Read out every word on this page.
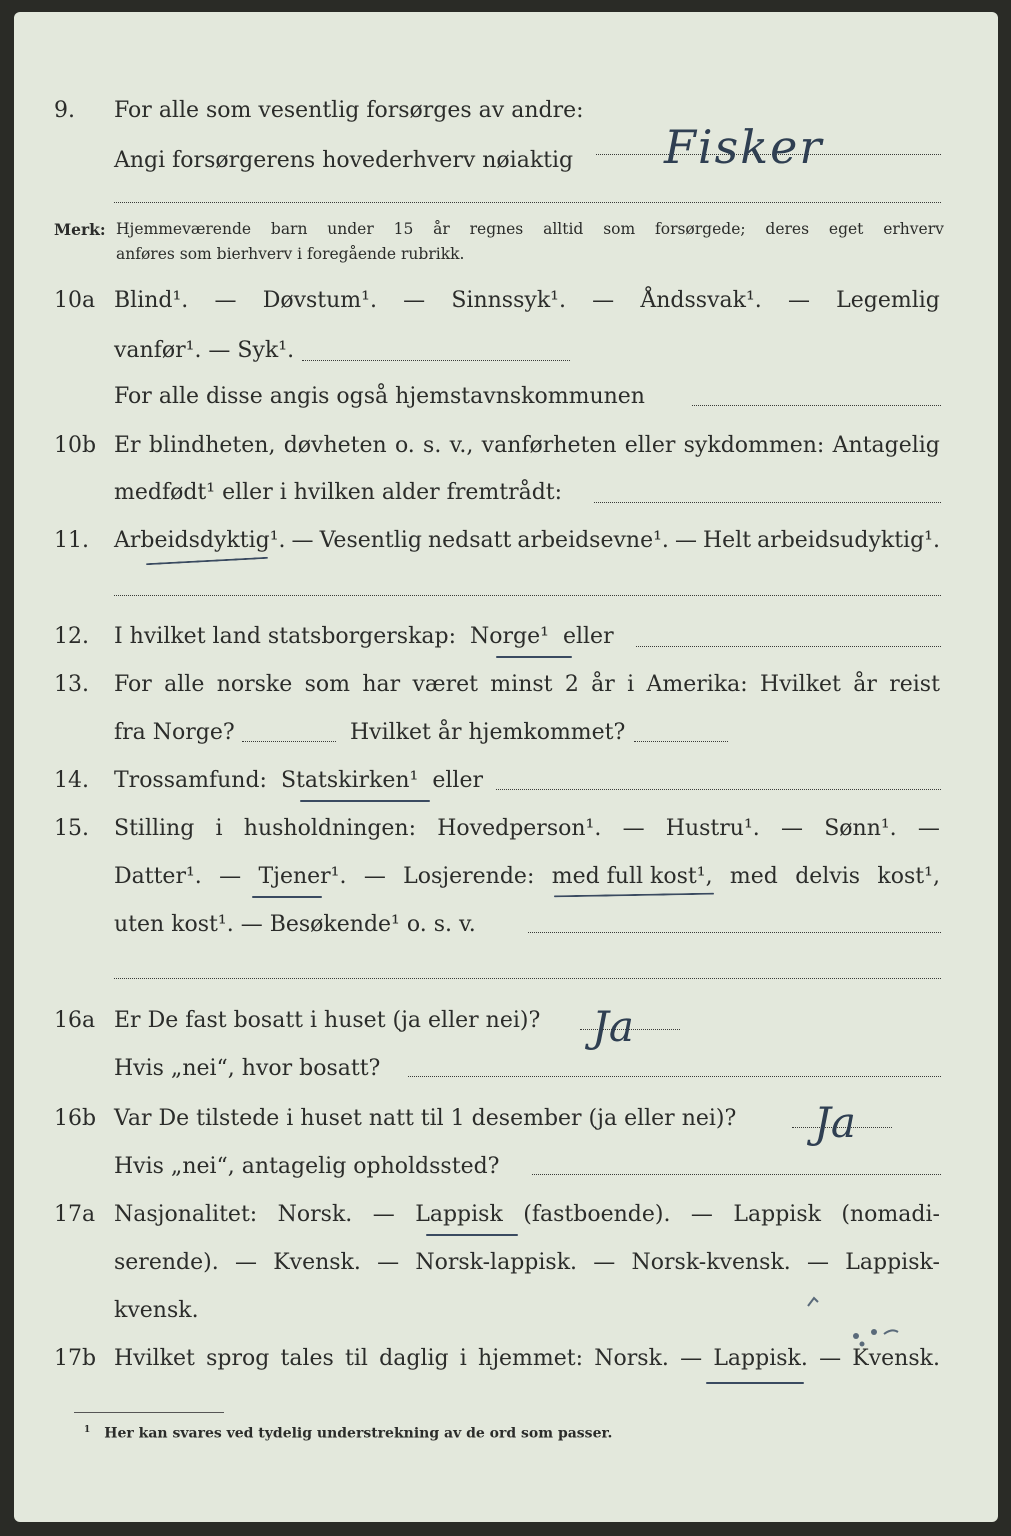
9. For alle som vesentlig forsørges av andre:
Angi forsørgerens hovederhverv nøiaktig Fisker
Merk: Hjemmeværende barn under 15 år regnes alltid som forsørgede; deres eget erhverv
anføres som bierhverv i foregående rubrikk.
10a Blind¹. — Døvstum¹. — Sinnssyk¹. — Åndssvak¹. — Legemlig
vanfør¹. — Syk¹.
For alle disse angis også hjemstavnskommunen
10b Er blindheten, døvheten o. s. v., vanførheten eller sykdommen: Antagelig
medfødt¹ eller i hvilken alder fremtrådt:
11. Arbeidsdyktig¹. — Vesentlig nedsatt arbeidsevne¹. — Helt arbeidsudyktig¹.
12. I hvilket land statsborgerskap: Norge¹ eller
13. For alle norske som har været minst 2 år i Amerika: Hvilket år reist
fra Norge?	Hvilket år hjemkommet?
14. Trossamfund: Statskirken¹ eller
15. Stilling i husholdningen: Hovedperson¹. — Hustru¹. — Sønn¹. —
Datter¹. — Tjener¹. — Losjerende: med full kost¹, med delvis kost¹,
uten kost¹. — Besøkende¹ o. s. v.
16a Er De fast bosatt i huset (ja eller nei)? Ja
Hvis „nei“, hvor bosatt?
16b Var De tilstede i huset natt til 1 desember (ja eller nei)? Ja
Hvis „nei“, antagelig opholdssted?
17a Nasjonalitet: Norsk. — Lappisk (fastboende). — Lappisk (nomadi-
serende). — Kvensk. — Norsk-lappisk. — Norsk-kvensk. — Lappisk-
kvensk.
17b Hvilket sprog tales til daglig i hjemmet: Norsk. — Lappisk. — Kvensk.
$^1$ Her kan svares ved tydelig understrekning av de ord som passer.
